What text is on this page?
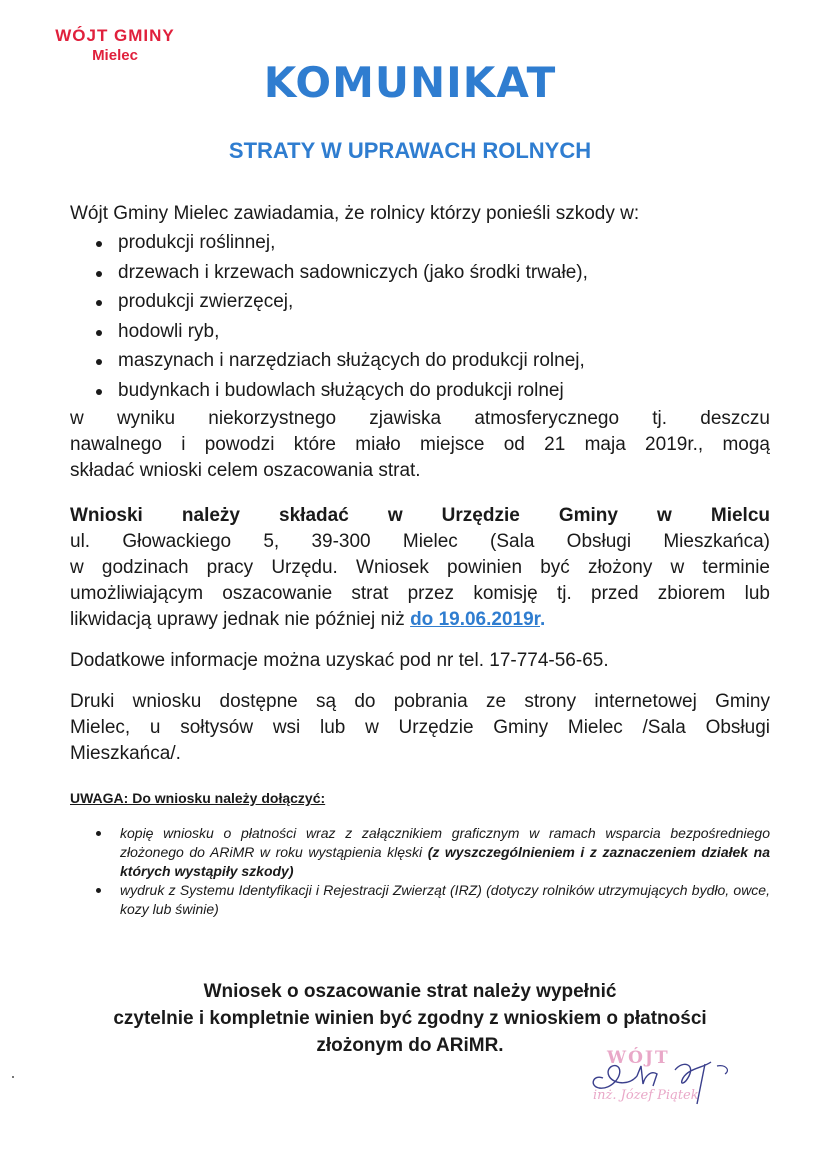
WÓJT GMINY
Mielec
KOMUNIKAT
STRATY W UPRAWACH ROLNYCH
Wójt Gminy Mielec zawiadamia, że rolnicy którzy ponieśli szkody w:
produkcji roślinnej,
drzewach i krzewach sadowniczych (jako środki trwałe),
produkcji zwierzęcej,
hodowli ryb,
maszynach i narzędziach służących do produkcji rolnej,
budynkach i budowlach służących do produkcji rolnej
w wyniku niekorzystnego zjawiska atmosferycznego tj. deszczu
nawalnego i powodzi które miało miejsce od 21 maja 2019r., mogą
składać wnioski celem oszacowania strat.
Wnioski należy składać w Urzędzie Gminy w Mielcu
ul. Głowackiego 5, 39-300 Mielec (Sala Obsługi Mieszkańca)
w godzinach pracy Urzędu. Wniosek powinien być złożony w terminie
umożliwiającym oszacowanie strat przez komisję tj. przed zbiorem lub
likwidacją uprawy jednak nie później niż do 19.06.2019r.
Dodatkowe informacje można uzyskać pod nr tel. 17-774-56-65.
Druki wniosku dostępne są do pobrania ze strony internetowej Gminy
Mielec, u sołtysów wsi lub w Urzędzie Gminy Mielec /Sala Obsługi
Mieszkańca/.
UWAGA: Do wniosku należy dołączyć:
kopię wniosku o płatności wraz z załącznikiem graficznym w ramach wsparcia bezpośredniego złożonego do ARiMR w roku wystąpienia klęski (z wyszczególnieniem i z zaznaczeniem działek na których wystąpiły szkody)
wydruk z Systemu Identyfikacji i Rejestracji Zwierząt (IRZ) (dotyczy rolników utrzymujących bydło, owce, kozy lub świnie)
Wniosek o oszacowanie strat należy wypełnić
czytelnie i kompletnie winien być zgodny z wnioskiem o płatności
złożonym do ARiMR.
WÓJT
inż. Józef Piątek
